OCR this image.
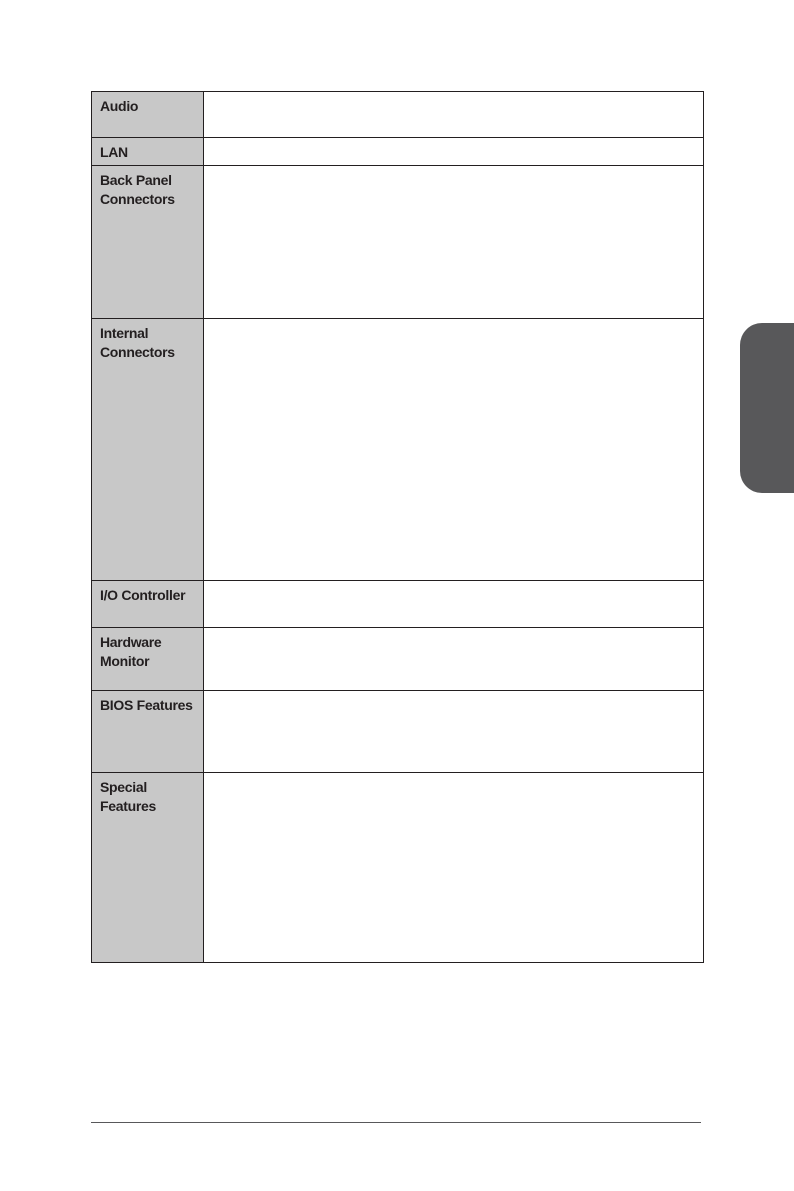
Audio	
LAN	
Back Panel Connectors	
Internal Connectors	
I/O Controller	
Hardware Monitor	
BIOS Features	
Special Features	
